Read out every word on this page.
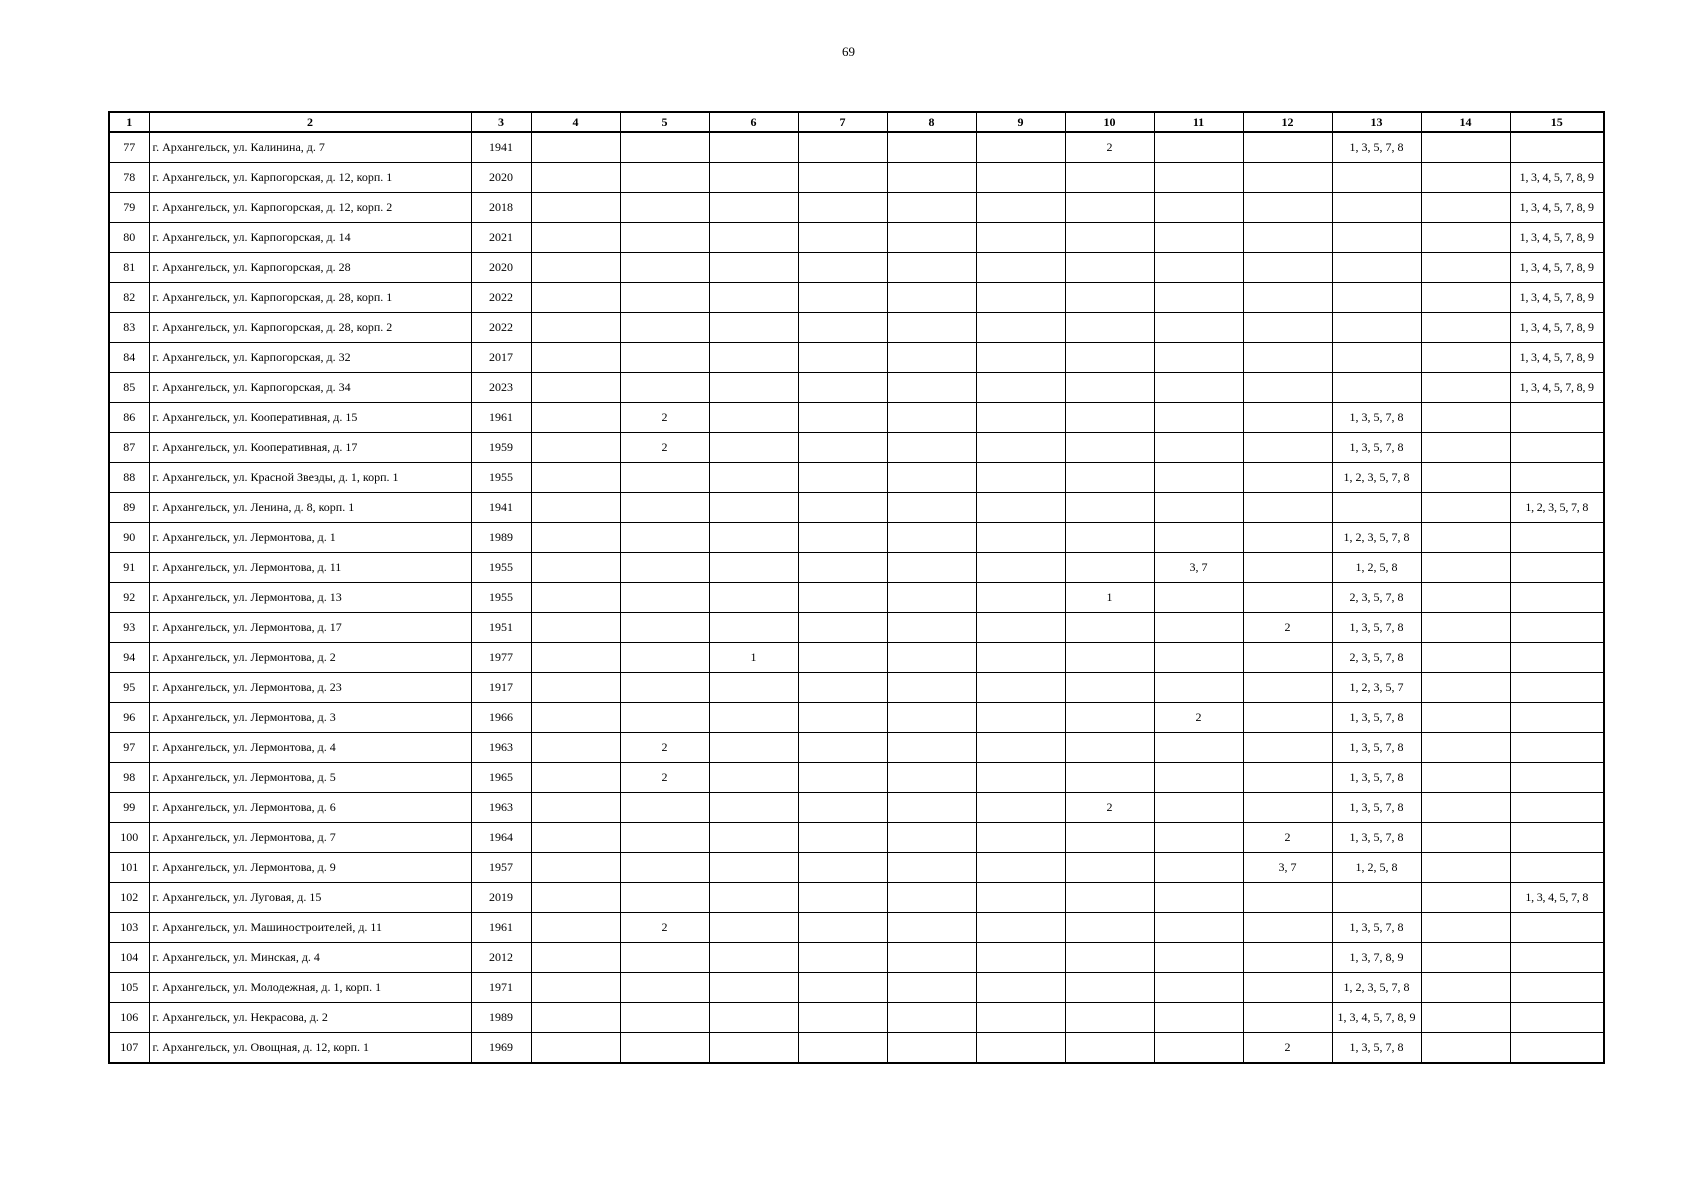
69
1	2	3	4	5	6	7	8	9	10	11	12	13	14	15
77	г. Архангельск, ул. Калинина, д. 7	1941							2			1, 3, 5, 7, 8		
78	г. Архангельск, ул. Карпогорская, д. 12, корп. 1	2020												1, 3, 4, 5, 7, 8, 9
79	г. Архангельск, ул. Карпогорская, д. 12, корп. 2	2018												1, 3, 4, 5, 7, 8, 9
80	г. Архангельск, ул. Карпогорская, д. 14	2021												1, 3, 4, 5, 7, 8, 9
81	г. Архангельск, ул. Карпогорская, д. 28	2020												1, 3, 4, 5, 7, 8, 9
82	г. Архангельск, ул. Карпогорская, д. 28, корп. 1	2022												1, 3, 4, 5, 7, 8, 9
83	г. Архангельск, ул. Карпогорская, д. 28, корп. 2	2022												1, 3, 4, 5, 7, 8, 9
84	г. Архангельск, ул. Карпогорская, д. 32	2017												1, 3, 4, 5, 7, 8, 9
85	г. Архангельск, ул. Карпогорская, д. 34	2023												1, 3, 4, 5, 7, 8, 9
86	г. Архангельск, ул. Кооперативная, д. 15	1961		2								1, 3, 5, 7, 8		
87	г. Архангельск, ул. Кооперативная, д. 17	1959		2								1, 3, 5, 7, 8		
88	г. Архангельск, ул. Красной Звезды, д. 1, корп. 1	1955										1, 2, 3, 5, 7, 8		
89	г. Архангельск, ул. Ленина, д. 8, корп. 1	1941												1, 2, 3, 5, 7, 8
90	г. Архангельск, ул. Лермонтова, д. 1	1989										1, 2, 3, 5, 7, 8		
91	г. Архангельск, ул. Лермонтова, д. 11	1955								3, 7		1, 2, 5, 8		
92	г. Архангельск, ул. Лермонтова, д. 13	1955							1			2, 3, 5, 7, 8		
93	г. Архангельск, ул. Лермонтова, д. 17	1951									2	1, 3, 5, 7, 8		
94	г. Архангельск, ул. Лермонтова, д. 2	1977			1							2, 3, 5, 7, 8		
95	г. Архангельск, ул. Лермонтова, д. 23	1917										1, 2, 3, 5, 7		
96	г. Архангельск, ул. Лермонтова, д. 3	1966								2		1, 3, 5, 7, 8		
97	г. Архангельск, ул. Лермонтова, д. 4	1963		2								1, 3, 5, 7, 8		
98	г. Архангельск, ул. Лермонтова, д. 5	1965		2								1, 3, 5, 7, 8		
99	г. Архангельск, ул. Лермонтова, д. 6	1963							2			1, 3, 5, 7, 8		
100	г. Архангельск, ул. Лермонтова, д. 7	1964									2	1, 3, 5, 7, 8		
101	г. Архангельск, ул. Лермонтова, д. 9	1957									3, 7	1, 2, 5, 8		
102	г. Архангельск, ул. Луговая, д. 15	2019												1, 3, 4, 5, 7, 8
103	г. Архангельск, ул. Машиностроителей, д. 11	1961		2								1, 3, 5, 7, 8		
104	г. Архангельск, ул. Минская, д. 4	2012										1, 3, 7, 8, 9		
105	г. Архангельск, ул. Молодежная, д. 1, корп. 1	1971										1, 2, 3, 5, 7, 8		
106	г. Архангельск, ул. Некрасова, д. 2	1989										1, 3, 4, 5, 7, 8, 9		
107	г. Архангельск, ул. Овощная, д. 12, корп. 1	1969									2	1, 3, 5, 7, 8		
